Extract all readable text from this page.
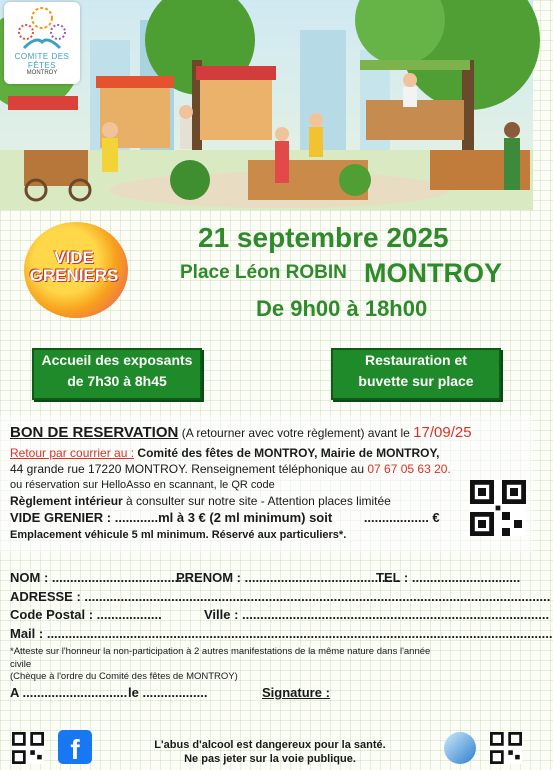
COMITE DES FÊTES
MONTROY
VIDE
GRENIERS
21 septembre 2025
Place Léon ROBIN MONTROY
De 9h00 à 18h00
Accueil des exposants
de 7h30 à 8h45
Restauration et
buvette sur place
BON DE RESERVATION (A retourner avec votre règlement) avant le 17/09/25
Retour par courrier au : Comité des fêtes de MONTROY, Mairie de MONTROY,
44 grande rue 17220 MONTROY. Renseignement téléphonique au 07 67 05 63 20.
ou réservation sur HelloAsso en scannant, le QR code
Règlement intérieur à consulter sur notre site - Attention places limitée
VIDE GRENIER : ............ml à 3 € (2 ml minimum) soit .................. €
Emplacement véhicule 5 ml minimum. Réservé aux particuliers*.
NOM : ......................................
PRENOM : ...........................................
TEL : ..............................
ADRESSE : .................................................................................................................................
Code Postal : ..................	Ville : .....................................................................................
Mail : ............................................................................................................................................
*Atteste sur l'honneur la non-participation à 2 autres manifestations de la même nature dans l'année
civile
(Chèque à l'ordre du Comité des fêtes de MONTROY)
A ............................. le ..................	Signature :
f	L'abus d'alcool est dangereux pour la santé.
Ne pas jeter sur la voie publique.
